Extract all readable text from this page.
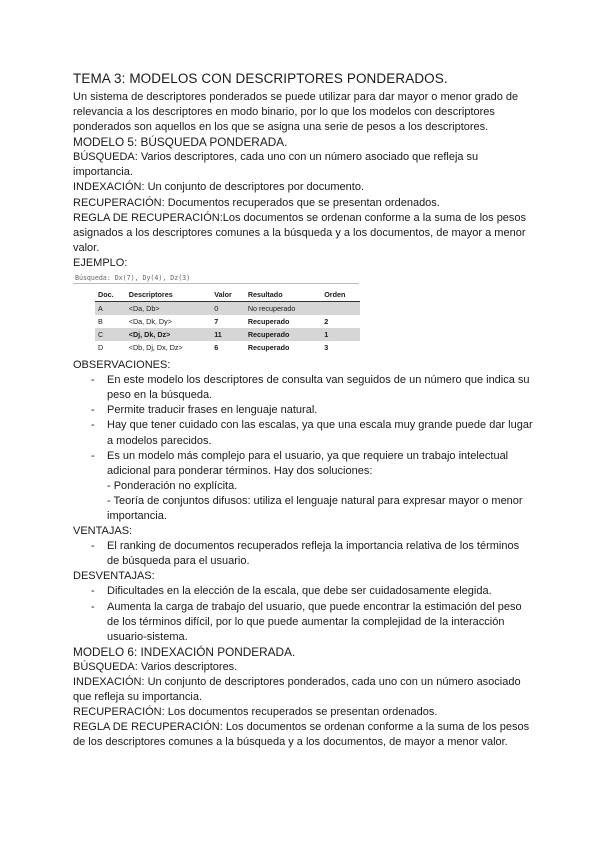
TEMA 3: MODELOS CON DESCRIPTORES PONDERADOS.

Un sistema de descriptores ponderados se puede utilizar para dar mayor o menor grado de relevancia a los descriptores en modo binario, por lo que los modelos con descriptores ponderados son aquellos en los que se asigna una serie de pesos a los descriptores.

MODELO 5: BÚSQUEDA PONDERADA.

BÚSQUEDA: Varios descriptores, cada uno con un número asociado que refleja su importancia.

INDEXACIÓN: Un conjunto de descriptores por documento.

RECUPERACIÓN: Documentos recuperados que se presentan ordenados.

REGLA DE RECUPERACIÓN:Los documentos se ordenan conforme a la suma de los pesos asignados a los descriptores comunes a la búsqueda y a los documentos, de mayor a menor valor.

EJEMPLO:

Búsqueda: Dx(7), Dy(4), Dz(3)
Doc.	Descriptores	Valor	Resultado	Orden
A	<Da, Db>	0	No recuperado	
B	<Da, Dk, Dy>	7	Recuperado	2
C	<Dj, Dk, Dz>	11	Recuperado	1
D	<Db, Dj, Dx, Dz>	6	Recuperado	3

OBSERVACIONES:

- En este modelo los descriptores de consulta van seguidos de un número que indica su peso en la búsqueda.
- Permite traducir frases en lenguaje natural.
- Hay que tener cuidado con las escalas, ya que una escala muy grande puede dar lugar a modelos parecidos.
- Es un modelo más complejo para el usuario, ya que requiere un trabajo intelectual adicional para ponderar términos. Hay dos soluciones:
- Ponderación no explícita.
- Teoría de conjuntos difusos: utiliza el lenguaje natural para expresar mayor o menor importancia.

VENTAJAS:

- El ranking de documentos recuperados refleja la importancia relativa de los términos de búsqueda para el usuario.

DESVENTAJAS:

- Dificultades en la elección de la escala, que debe ser cuidadosamente elegida.
- Aumenta la carga de trabajo del usuario, que puede encontrar la estimación del peso de los términos difícil, por lo que puede aumentar la complejidad de la interacción usuario-sistema.
MODELO 6: INDEXACIÓN PONDERADA.

BÚSQUEDA: Varios descriptores.

INDEXACIÓN: Un conjunto de descriptores ponderados, cada uno con un número asociado que refleja su importancia.

RECUPERACIÓN: Los documentos recuperados se presentan ordenados.

REGLA DE RECUPERACIÓN: Los documentos se ordenan conforme a la suma de los pesos de los descriptores comunes a la búsqueda y a los documentos, de mayor a menor valor.
